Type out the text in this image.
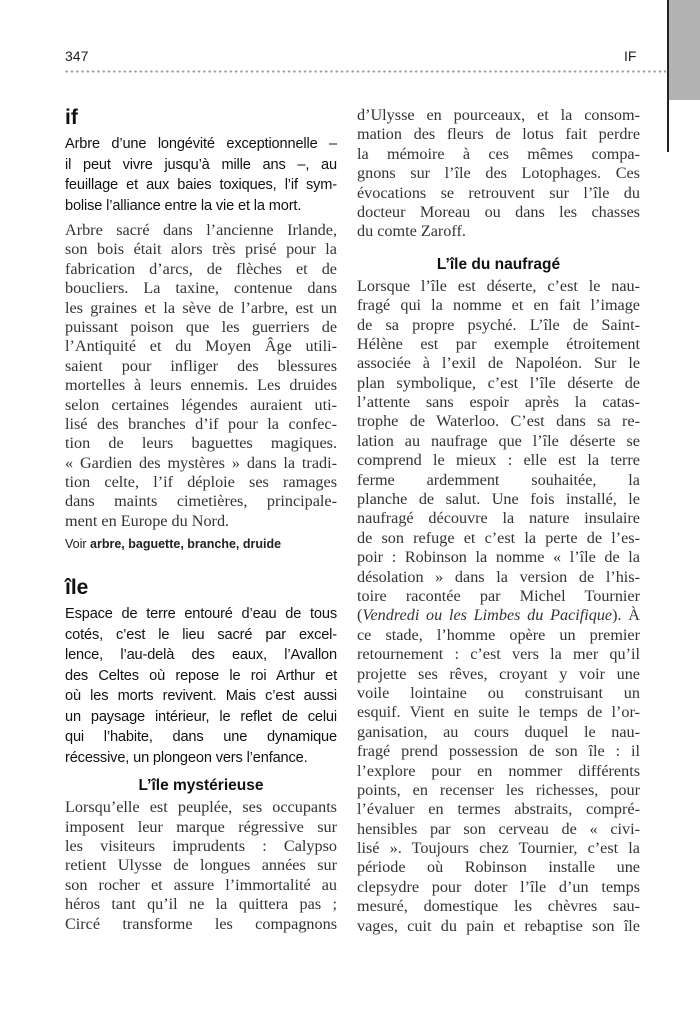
347	IF
if
Arbre d’une longévité exceptionnelle –
il peut vivre jusqu’à mille ans –, au
feuillage et aux baies toxiques, l’if sym-
bolise l’alliance entre la vie et la mort.
Arbre sacré dans l’ancienne Irlande,
son bois était alors très prisé pour la
fabrication d’arcs, de flèches et de
boucliers. La taxine, contenue dans
les graines et la sève de l’arbre, est un
puissant poison que les guerriers de
l’Antiquité et du Moyen Âge utili-
saient pour infliger des blessures
mortelles à leurs ennemis. Les druides
selon certaines légendes auraient uti-
lisé des branches d’if pour la confec-
tion de leurs baguettes magiques.
« Gardien des mystères » dans la tradi-
tion celte, l’if déploie ses ramages
dans maints cimetières, principale-
ment en Europe du Nord.
Voir arbre, baguette, branche, druide
île
Espace de terre entouré d’eau de tous
cotés, c’est le lieu sacré par excel-
lence, l’au-delà des eaux, l’Avallon
des Celtes où repose le roi Arthur et
où les morts revivent. Mais c’est aussi
un paysage intérieur, le reflet de celui
qui l’habite, dans une dynamique
récessive, un plongeon vers l’enfance.
L’île mystérieuse
Lorsqu’elle est peuplée, ses occupants
imposent leur marque régressive sur
les visiteurs imprudents : Calypso
retient Ulysse de longues années sur
son rocher et assure l’immortalité au
héros tant qu’il ne la quittera pas ;
Circé transforme les compagnons
d’Ulysse en pourceaux, et la consom-
mation des fleurs de lotus fait perdre
la mémoire à ces mêmes compa-
gnons sur l’île des Lotophages. Ces
évocations se retrouvent sur l’île du
docteur Moreau ou dans les chasses
du comte Zaroff.
L’île du naufragé
Lorsque l’île est déserte, c’est le nau-
fragé qui la nomme et en fait l’image
de sa propre psyché. L’île de Saint-
Hélène est par exemple étroitement
associée à l’exil de Napoléon. Sur le
plan symbolique, c’est l’île déserte de
l’attente sans espoir après la catas-
trophe de Waterloo. C’est dans sa re-
lation au naufrage que l’île déserte se
comprend le mieux : elle est la terre
ferme ardemment souhaitée, la
planche de salut. Une fois installé, le
naufragé découvre la nature insulaire
de son refuge et c’est la perte de l’es-
poir : Robinson la nomme « l’île de la
désolation » dans la version de l’his-
toire racontée par Michel Tournier
(Vendredi ou les Limbes du Pacifique). À
ce stade, l’homme opère un premier
retournement : c’est vers la mer qu’il
projette ses rêves, croyant y voir une
voile lointaine ou construisant un
esquif. Vient en suite le temps de l’or-
ganisation, au cours duquel le nau-
fragé prend possession de son île : il
l’explore pour en nommer différents
points, en recenser les richesses, pour
l’évaluer en termes abstraits, compré-
hensibles par son cerveau de « civi-
lisé ». Toujours chez Tournier, c’est la
période où Robinson installe une
clepsydre pour doter l’île d’un temps
mesuré, domestique les chèvres sau-
vages, cuit du pain et rebaptise son île
